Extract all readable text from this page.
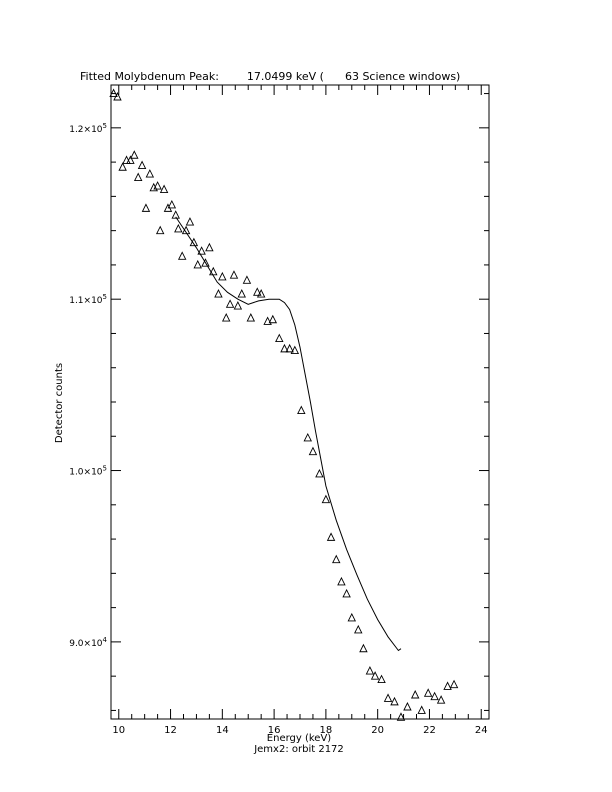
Fitted Molybdenum Peak:        17.0499 keV (      63 Science windows)
10	12	14	16	18	20	22	24
$9.0\times 10^4$
$1.0\times 10^5$
$1.1\times 10^5$
$1.2\times 10^5$
Energy (keV)
Jemx2: orbit 2172
Detector counts
